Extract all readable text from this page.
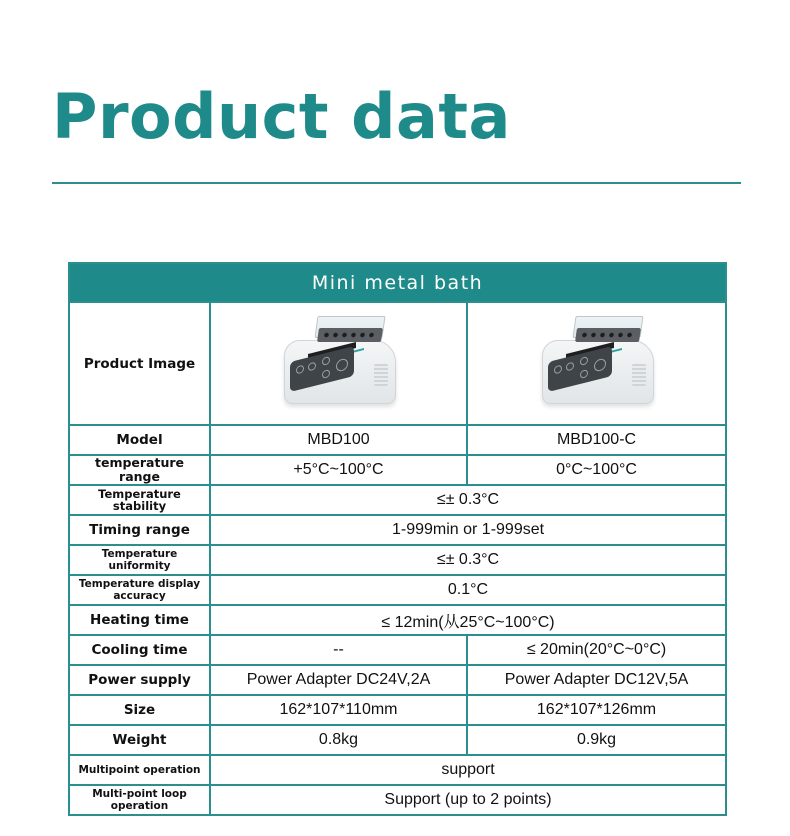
Product data
Mini metal bath		
Product Image	

Model	MBD100	MBD100-C
temperature range	+5°C~100°C	0°C~100°C
Temperature stability	≤± 0.3°C	
Timing range	1-999min or 1-999set	
Temperature uniformity	≤± 0.3°C	
Temperature display accuracy	0.1°C	
Heating time	≤ 12min(从25°C~100°C)	
Cooling time	--	≤ 20min(20°C~0°C)
Power supply	Power Adapter DC24V,2A	Power Adapter DC12V,5A
Size	162*107*110mm	162*107*126mm
Weight	0.8kg	0.9kg
Multipoint operation	support	
Multi-point loop operation	Support (up to 2 points)	
